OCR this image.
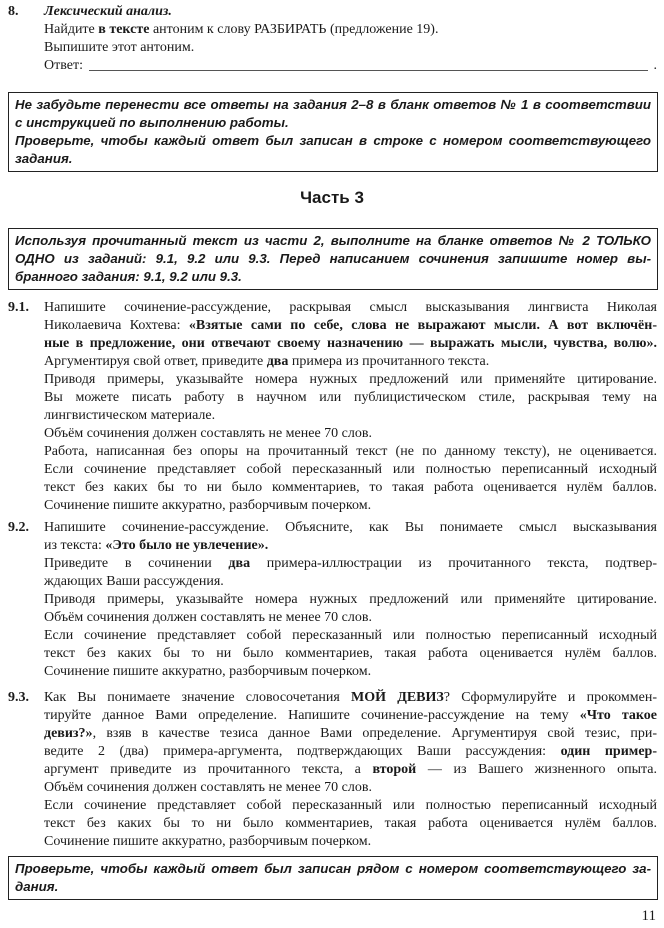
8. Лексический анализ.
Найдите в тексте антоним к слову РАЗБИРАТЬ (предложение 19).
Выпишите этот антоним.
Ответ:	.
Не забудьте перенести все ответы на задания 2–8 в бланк ответов № 1 в соответствии
с инструкцией по выполнению работы.
Проверьте, чтобы каждый ответ был записан в строке с номером соответствующего
задания.
Часть 3
Используя прочитанный текст из части 2, выполните на бланке ответов № 2 ТОЛЬКО
ОДНО из заданий: 9.1, 9.2 или 9.3. Перед написанием сочинения запишите номер вы-
бранного задания: 9.1, 9.2 или 9.3.
9.1. Напишите сочинение-рассуждение, раскрывая смысл высказывания лингвиста Николая
Николаевича Кохтева: «Взятые сами по себе, слова не выражают мысли. А вот включён-
ные в предложение, они отвечают своему назначению — выражать мысли, чувства, волю».
Аргументируя свой ответ, приведите два примера из прочитанного текста.
Приводя примеры, указывайте номера нужных предложений или применяйте цитирование.
Вы можете писать работу в научном или публицистическом стиле, раскрывая тему на
лингвистическом материале.
Объём сочинения должен составлять не менее 70 слов.
Работа, написанная без опоры на прочитанный текст (не по данному тексту), не оценивается.
Если сочинение представляет собой пересказанный или полностью переписанный исходный
текст без каких бы то ни было комментариев, то такая работа оценивается нулём баллов.
Сочинение пишите аккуратно, разборчивым почерком.
9.2. Напишите сочинение-рассуждение. Объясните, как Вы понимаете смысл высказывания
из текста: «Это было не увлечение».
Приведите в сочинении два примера-иллюстрации из прочитанного текста, подтвер-
ждающих Ваши рассуждения.
Приводя примеры, указывайте номера нужных предложений или применяйте цитирование.
Объём сочинения должен составлять не менее 70 слов.
Если сочинение представляет собой пересказанный или полностью переписанный исходный
текст без каких бы то ни было комментариев, такая работа оценивается нулём баллов.
Сочинение пишите аккуратно, разборчивым почерком.
9.3. Как Вы понимаете значение словосочетания МОЙ ДЕВИЗ? Сформулируйте и прокоммен-
тируйте данное Вами определение. Напишите сочинение-рассуждение на тему «Что такое
девиз?», взяв в качестве тезиса данное Вами определение. Аргументируя свой тезис, при-
ведите 2 (два) примера-аргумента, подтверждающих Ваши рассуждения: один пример-
аргумент приведите из прочитанного текста, а второй — из Вашего жизненного опыта.
Объём сочинения должен составлять не менее 70 слов.
Если сочинение представляет собой пересказанный или полностью переписанный исходный
текст без каких бы то ни было комментариев, такая работа оценивается нулём баллов.
Сочинение пишите аккуратно, разборчивым почерком.
Проверьте, чтобы каждый ответ был записан рядом с номером соответствующего за-
дания.
11
